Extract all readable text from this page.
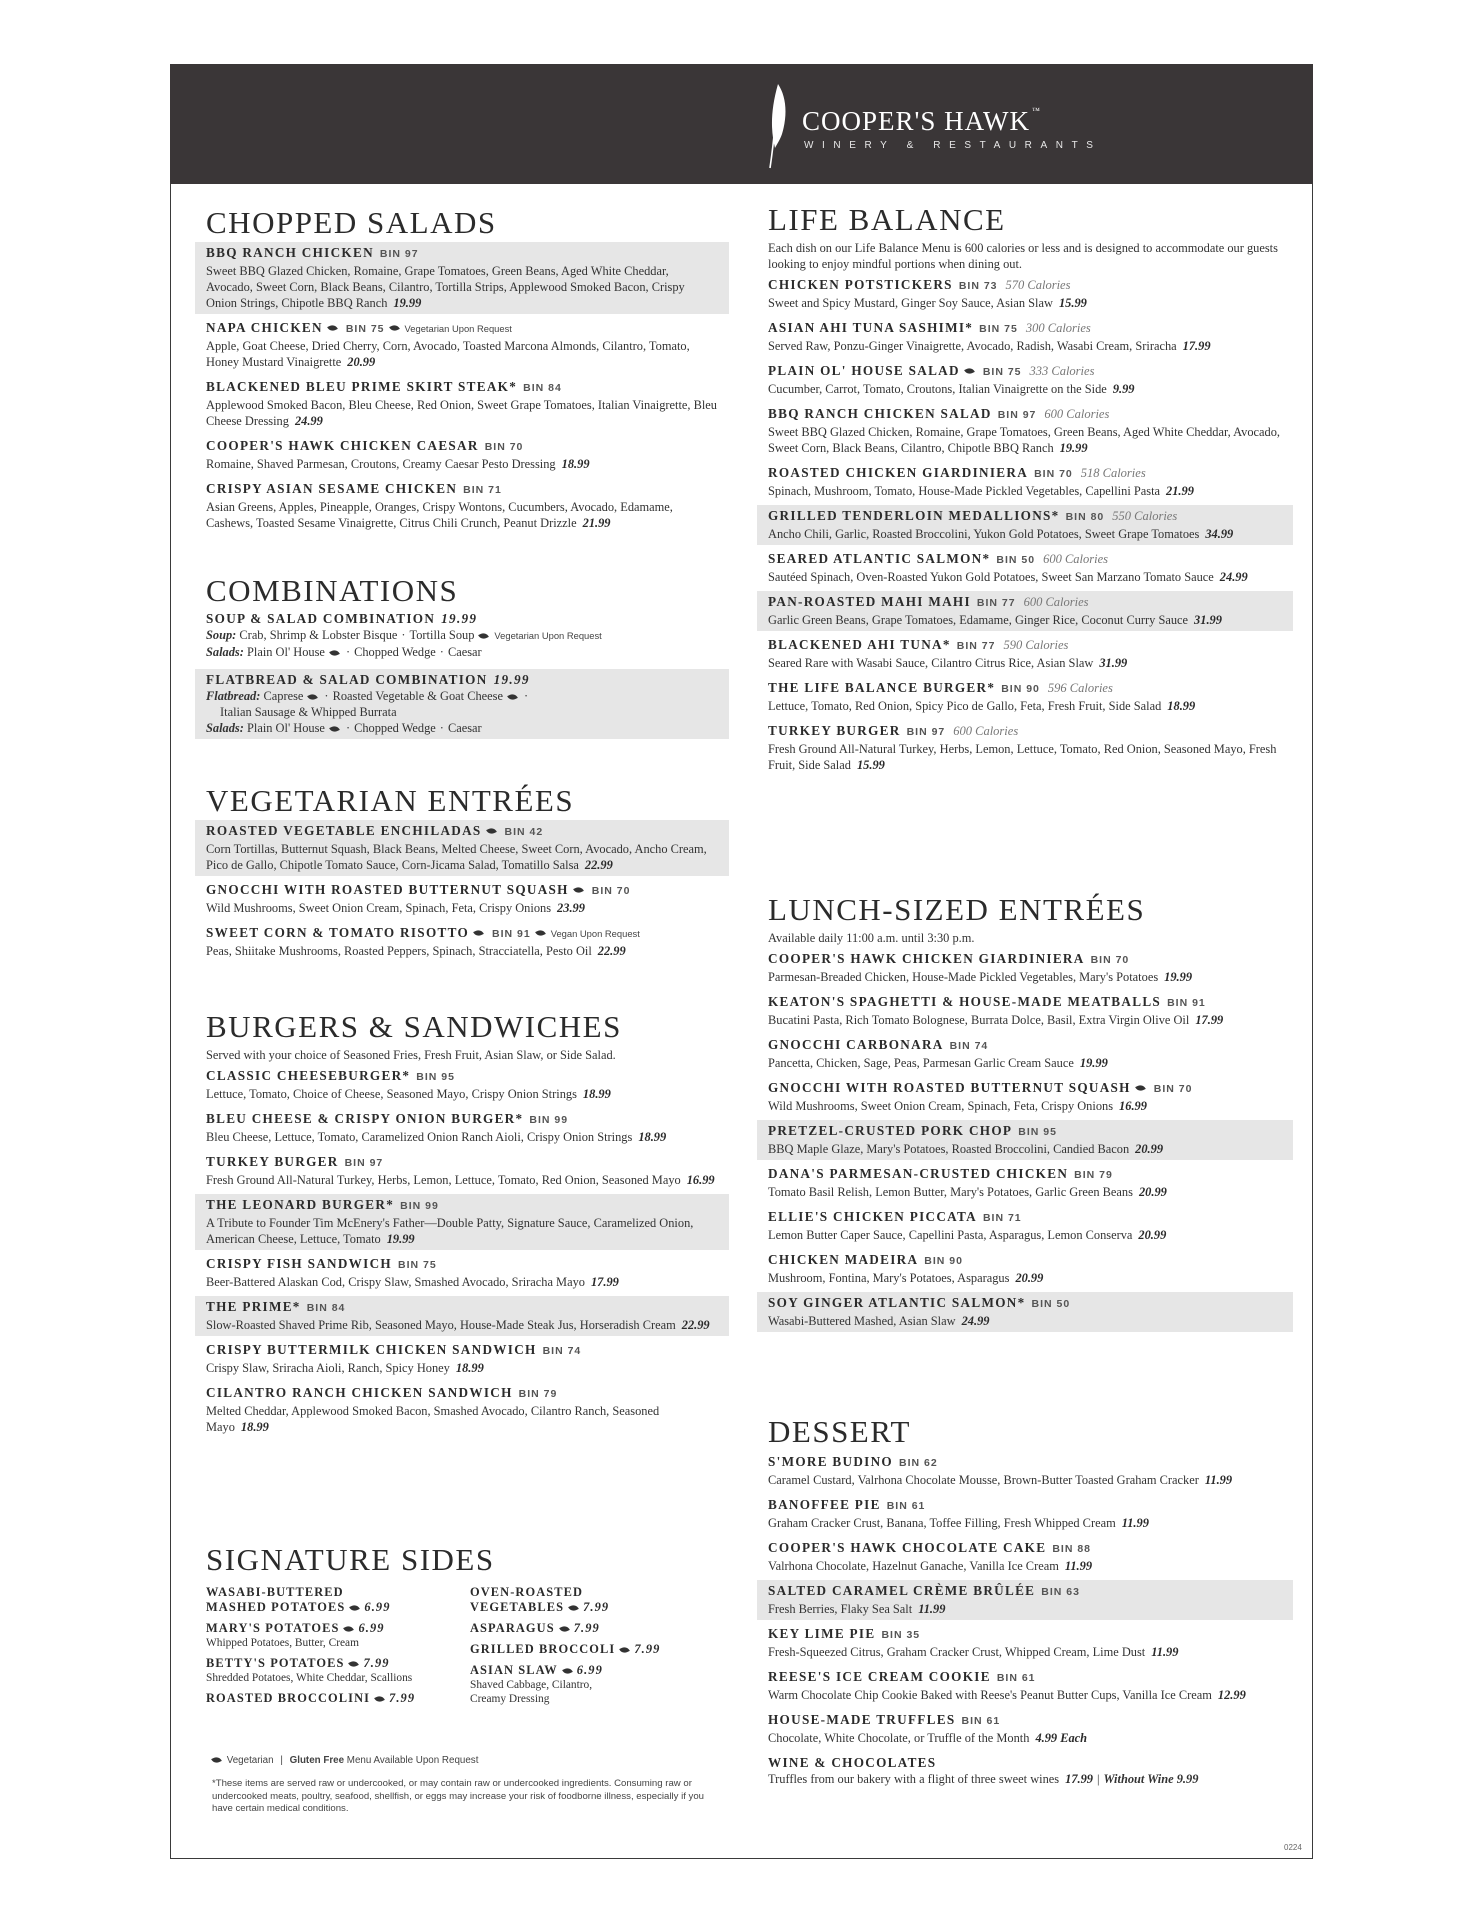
COOPER'S HAWK ™
WINERY & RESTAURANTS
CHOPPED SALADS
BBQ RANCH CHICKEN BIN 97
Sweet BBQ Glazed Chicken, Romaine, Grape Tomatoes, Green Beans, Aged White Cheddar, Avocado, Sweet Corn, Black Beans, Cilantro, Tortilla Strips, Applewood Smoked Bacon, Crispy Onion Strings, Chipotle BBQ Ranch 19.99
NAPA CHICKEN BIN 75 Vegetarian Upon Request
Apple, Goat Cheese, Dried Cherry, Corn, Avocado, Toasted Marcona Almonds, Cilantro, Tomato, Honey Mustard Vinaigrette 20.99
BLACKENED BLEU PRIME SKIRT STEAK* BIN 84
Applewood Smoked Bacon, Bleu Cheese, Red Onion, Sweet Grape Tomatoes, Italian Vinaigrette, Bleu Cheese Dressing 24.99
COOPER'S HAWK CHICKEN CAESAR BIN 70
Romaine, Shaved Parmesan, Croutons, Creamy Caesar Pesto Dressing 18.99
CRISPY ASIAN SESAME CHICKEN BIN 71
Asian Greens, Apples, Pineapple, Oranges, Crispy Wontons, Cucumbers, Avocado, Edamame, Cashews, Toasted Sesame Vinaigrette, Citrus Chili Crunch, Peanut Drizzle 21.99
COMBINATIONS
SOUP & SALAD COMBINATION 19.99
Soup: Crab, Shrimp & Lobster Bisque · Tortilla Soup Vegetarian Upon Request
Salads: Plain Ol' House · Chopped Wedge · Caesar
FLATBREAD & SALAD COMBINATION 19.99
Flatbread: Caprese · Roasted Vegetable & Goat Cheese ·
Italian Sausage & Whipped Burrata
Salads: Plain Ol' House · Chopped Wedge · Caesar
VEGETARIAN ENTRÉES
ROASTED VEGETABLE ENCHILADAS BIN 42
Corn Tortillas, Butternut Squash, Black Beans, Melted Cheese, Sweet Corn, Avocado, Ancho Cream, Pico de Gallo, Chipotle Tomato Sauce, Corn-Jicama Salad, Tomatillo Salsa 22.99
GNOCCHI WITH ROASTED BUTTERNUT SQUASH BIN 70
Wild Mushrooms, Sweet Onion Cream, Spinach, Feta, Crispy Onions 23.99
SWEET CORN & TOMATO RISOTTO BIN 91 Vegan Upon Request
Peas, Shiitake Mushrooms, Roasted Peppers, Spinach, Stracciatella, Pesto Oil 22.99
BURGERS & SANDWICHES
Served with your choice of Seasoned Fries, Fresh Fruit, Asian Slaw, or Side Salad.
CLASSIC CHEESEBURGER* BIN 95
Lettuce, Tomato, Choice of Cheese, Seasoned Mayo, Crispy Onion Strings 18.99
BLEU CHEESE & CRISPY ONION BURGER* BIN 99
Bleu Cheese, Lettuce, Tomato, Caramelized Onion Ranch Aioli, Crispy Onion Strings 18.99
TURKEY BURGER BIN 97
Fresh Ground All-Natural Turkey, Herbs, Lemon, Lettuce, Tomato, Red Onion, Seasoned Mayo 16.99
THE LEONARD BURGER* BIN 99
A Tribute to Founder Tim McEnery's Father—Double Patty, Signature Sauce, Caramelized Onion, American Cheese, Lettuce, Tomato 19.99
CRISPY FISH SANDWICH BIN 75
Beer-Battered Alaskan Cod, Crispy Slaw, Smashed Avocado, Sriracha Mayo 17.99
THE PRIME* BIN 84
Slow-Roasted Shaved Prime Rib, Seasoned Mayo, House-Made Steak Jus, Horseradish Cream 22.99
CRISPY BUTTERMILK CHICKEN SANDWICH BIN 74
Crispy Slaw, Sriracha Aioli, Ranch, Spicy Honey 18.99
CILANTRO RANCH CHICKEN SANDWICH BIN 79
Melted Cheddar, Applewood Smoked Bacon, Smashed Avocado, Cilantro Ranch, Seasoned Mayo 18.99
SIGNATURE SIDES
WASABI-BUTTERED
MASHED POTATOES 6.99
MARY'S POTATOES 6.99
Whipped Potatoes, Butter, Cream
BETTY'S POTATOES 7.99
Shredded Potatoes, White Cheddar, Scallions
ROASTED BROCCOLINI 7.99
OVEN-ROASTED
VEGETABLES 7.99
ASPARAGUS 7.99
GRILLED BROCCOLI 7.99
ASIAN SLAW 6.99
Shaved Cabbage, Cilantro, Creamy Dressing
Vegetarian | Gluten Free Menu Available Upon Request
*These items are served raw or undercooked, or may contain raw or undercooked ingredients. Consuming raw or undercooked meats, poultry, seafood, shellfish, or eggs may increase your risk of foodborne illness, especially if you have certain medical conditions.
LIFE BALANCE
Each dish on our Life Balance Menu is 600 calories or less and is designed to accommodate our guests looking to enjoy mindful portions when dining out.
CHICKEN POTSTICKERS BIN 73 570 Calories
Sweet and Spicy Mustard, Ginger Soy Sauce, Asian Slaw 15.99
ASIAN AHI TUNA SASHIMI* BIN 75 300 Calories
Served Raw, Ponzu-Ginger Vinaigrette, Avocado, Radish, Wasabi Cream, Sriracha 17.99
PLAIN OL' HOUSE SALAD BIN 75 333 Calories
Cucumber, Carrot, Tomato, Croutons, Italian Vinaigrette on the Side 9.99
BBQ RANCH CHICKEN SALAD BIN 97 600 Calories
Sweet BBQ Glazed Chicken, Romaine, Grape Tomatoes, Green Beans, Aged White Cheddar, Avocado, Sweet Corn, Black Beans, Cilantro, Chipotle BBQ Ranch 19.99
ROASTED CHICKEN GIARDINIERA BIN 70 518 Calories
Spinach, Mushroom, Tomato, House-Made Pickled Vegetables, Capellini Pasta 21.99
GRILLED TENDERLOIN MEDALLIONS* BIN 80 550 Calories
Ancho Chili, Garlic, Roasted Broccolini, Yukon Gold Potatoes, Sweet Grape Tomatoes 34.99
SEARED ATLANTIC SALMON* BIN 50 600 Calories
Sautéed Spinach, Oven-Roasted Yukon Gold Potatoes, Sweet San Marzano Tomato Sauce 24.99
PAN-ROASTED MAHI MAHI BIN 77 600 Calories
Garlic Green Beans, Grape Tomatoes, Edamame, Ginger Rice, Coconut Curry Sauce 31.99
BLACKENED AHI TUNA* BIN 77 590 Calories
Seared Rare with Wasabi Sauce, Cilantro Citrus Rice, Asian Slaw 31.99
THE LIFE BALANCE BURGER* BIN 90 596 Calories
Lettuce, Tomato, Red Onion, Spicy Pico de Gallo, Feta, Fresh Fruit, Side Salad 18.99
TURKEY BURGER BIN 97 600 Calories
Fresh Ground All-Natural Turkey, Herbs, Lemon, Lettuce, Tomato, Red Onion, Seasoned Mayo, Fresh Fruit, Side Salad 15.99
LUNCH-SIZED ENTRÉES
Available daily 11:00 a.m. until 3:30 p.m.
COOPER'S HAWK CHICKEN GIARDINIERA BIN 70
Parmesan-Breaded Chicken, House-Made Pickled Vegetables, Mary's Potatoes 19.99
KEATON'S SPAGHETTI & HOUSE-MADE MEATBALLS BIN 91
Bucatini Pasta, Rich Tomato Bolognese, Burrata Dolce, Basil, Extra Virgin Olive Oil 17.99
GNOCCHI CARBONARA BIN 74
Pancetta, Chicken, Sage, Peas, Parmesan Garlic Cream Sauce 19.99
GNOCCHI WITH ROASTED BUTTERNUT SQUASH BIN 70
Wild Mushrooms, Sweet Onion Cream, Spinach, Feta, Crispy Onions 16.99
PRETZEL-CRUSTED PORK CHOP BIN 95
BBQ Maple Glaze, Mary's Potatoes, Roasted Broccolini, Candied Bacon 20.99
DANA'S PARMESAN-CRUSTED CHICKEN BIN 79
Tomato Basil Relish, Lemon Butter, Mary's Potatoes, Garlic Green Beans 20.99
ELLIE'S CHICKEN PICCATA BIN 71
Lemon Butter Caper Sauce, Capellini Pasta, Asparagus, Lemon Conserva 20.99
CHICKEN MADEIRA BIN 90
Mushroom, Fontina, Mary's Potatoes, Asparagus 20.99
SOY GINGER ATLANTIC SALMON* BIN 50
Wasabi-Buttered Mashed, Asian Slaw 24.99
DESSERT
S'MORE BUDINO BIN 62
Caramel Custard, Valrhona Chocolate Mousse, Brown-Butter Toasted Graham Cracker 11.99
BANOFFEE PIE BIN 61
Graham Cracker Crust, Banana, Toffee Filling, Fresh Whipped Cream 11.99
COOPER'S HAWK CHOCOLATE CAKE BIN 88
Valrhona Chocolate, Hazelnut Ganache, Vanilla Ice Cream 11.99
SALTED CARAMEL CRÈME BRÛLÉE BIN 63
Fresh Berries, Flaky Sea Salt 11.99
KEY LIME PIE BIN 35
Fresh-Squeezed Citrus, Graham Cracker Crust, Whipped Cream, Lime Dust 11.99
REESE'S ICE CREAM COOKIE BIN 61
Warm Chocolate Chip Cookie Baked with Reese's Peanut Butter Cups, Vanilla Ice Cream 12.99
HOUSE-MADE TRUFFLES BIN 61
Chocolate, White Chocolate, or Truffle of the Month 4.99 Each
WINE & CHOCOLATES
Truffles from our bakery with a flight of three sweet wines 17.99 | Without Wine 9.99
0224
